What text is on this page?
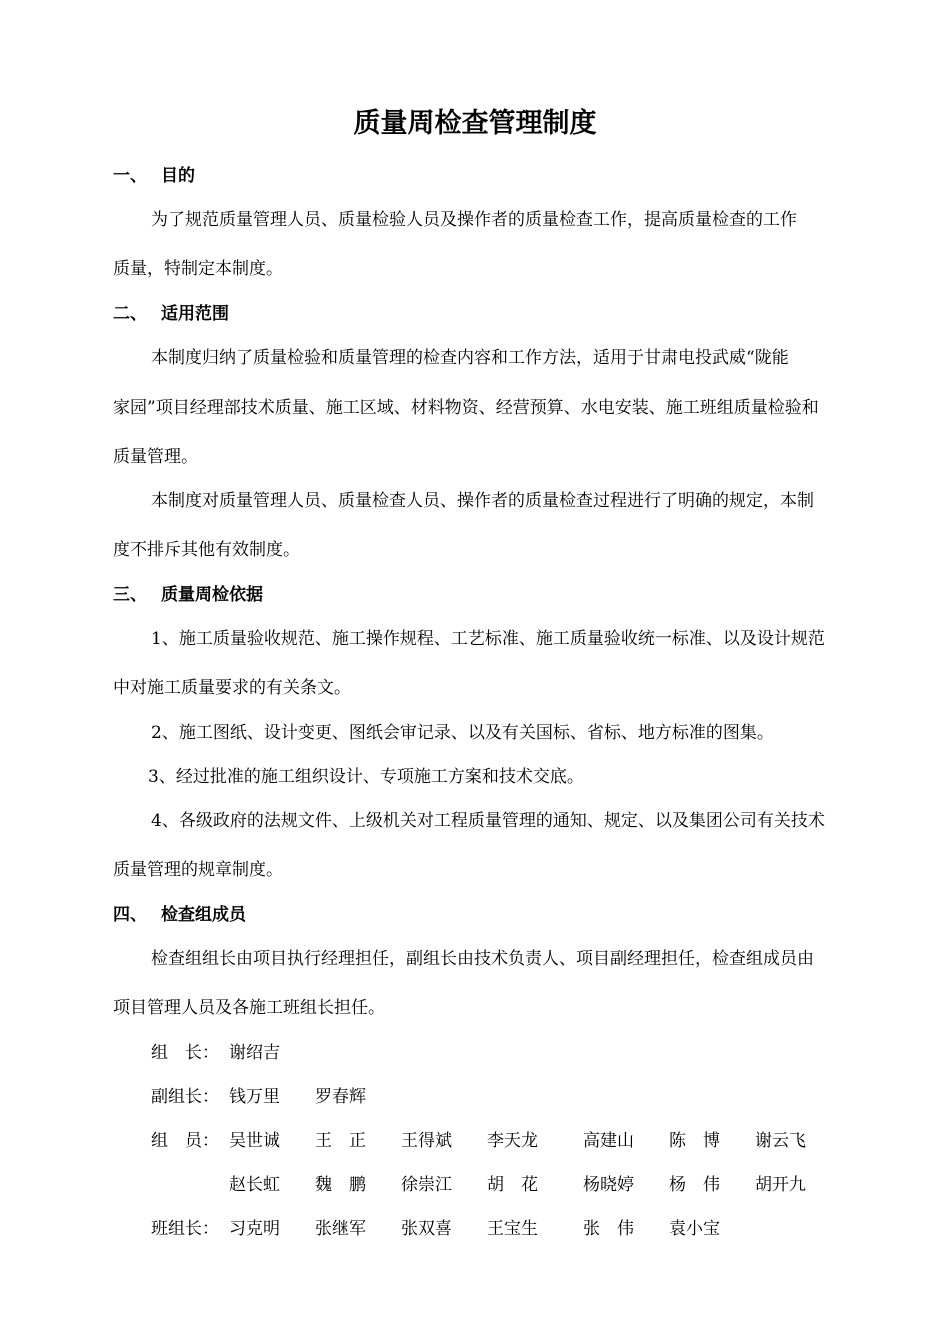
质量周检查管理制度
一、 目的
为了规范质量管理人员、质量检验人员及操作者的质量检查工作，提高质量检查的工作
质量，特制定本制度。
二、 适用范围
本制度归纳了质量检验和质量管理的检查内容和工作方法，适用于甘肃电投武威“陇能
家园”项目经理部技术质量、施工区域、材料物资、经营预算、水电安装、施工班组质量检验和
质量管理。
本制度对质量管理人员、质量检查人员、操作者的质量检查过程进行了明确的规定，本制
度不排斥其他有效制度。
三、 质量周检依据
1、施工质量验收规范、施工操作规程、工艺标准、施工质量验收统一标准、以及设计规范
中对施工质量要求的有关条文。
2、施工图纸、设计变更、图纸会审记录、以及有关国标、省标、地方标准的图集。
3、经过批准的施工组织设计、专项施工方案和技术交底。
4、各级政府的法规文件、上级机关对工程质量管理的通知、规定、以及集团公司有关技术
质量管理的规章制度。
四、 检查组成员
检查组组长由项目执行经理担任，副组长由技术负责人、项目副经理担任，检查组成员由
项目管理人员及各施工班组长担任。
组　长： 谢绍吉
副组长： 钱万里 罗春辉
组　员： 吴世诚 王　正 王得斌 李天龙	高建山 陈　博 谢云飞
赵长虹 魏　鹏 徐崇江 胡　花	杨晓婷 杨　伟 胡开九
班组长： 习克明 张继军 张双喜 王宝生	张　伟 袁小宝
